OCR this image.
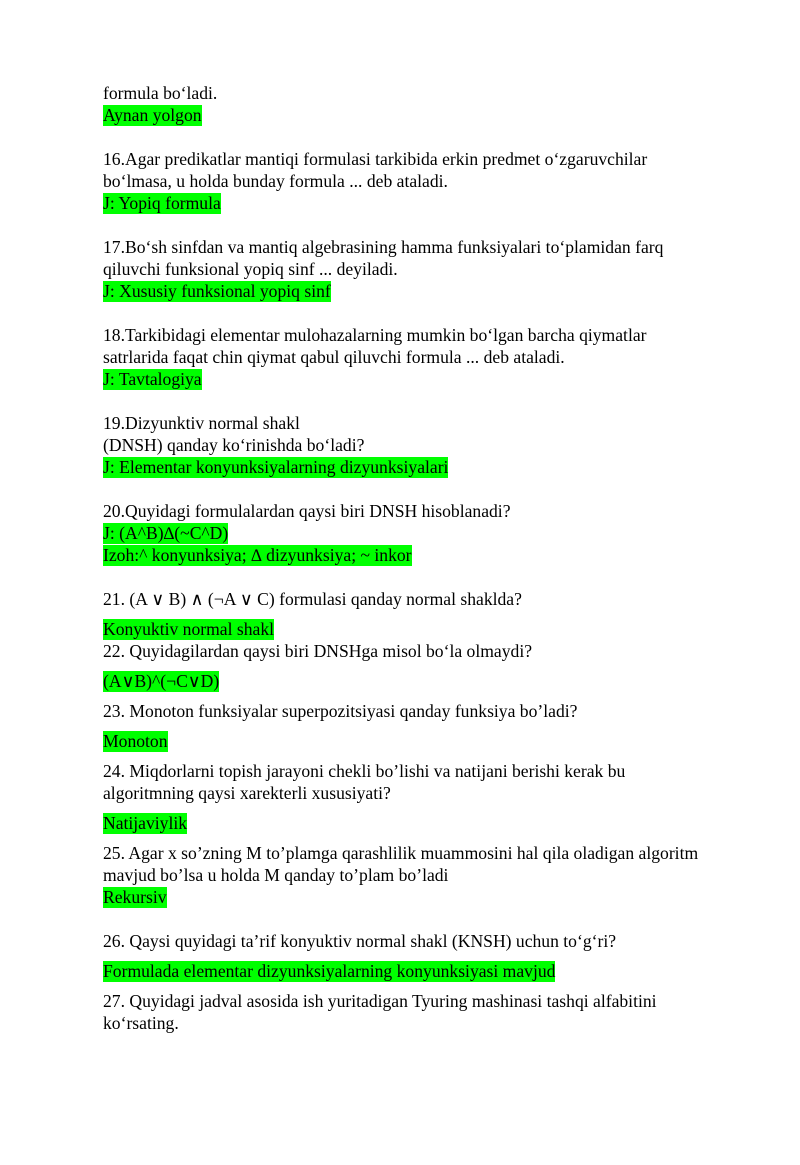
formula bo‘ladi.
Aynan yolgon
16.Agar predikatlar mantiqi formulasi tarkibida erkin predmet o‘zgaruvchilar
bo‘lmasa, u holda bunday formula ... deb ataladi.
J: Yopiq formula
17.Bo‘sh sinfdan va mantiq algebrasining hamma funksiyalari to‘plamidan farq
qiluvchi funksional yopiq sinf ... deyiladi.
J: Xususiy funksional yopiq sinf
18.Tarkibidagi elementar mulohazalarning mumkin bo‘lgan barcha qiymatlar
satrlarida faqat chin qiymat qabul qiluvchi formula ... deb ataladi.
J: Tavtalogiya
19.Dizyunktiv normal shakl
(DNSH) qanday ko‘rinishda bo‘ladi?
J: Elementar konyunksiyalarning dizyunksiyalari
20.Quyidagi formulalardan qaysi biri DNSH hisoblanadi?
J: (A^B)∆(~C^D)
Izoh:^ konyunksiya; ∆ dizyunksiya; ~ inkor
21. (A ∨ B) ∧ (¬A ∨ C) formulasi qanday normal shaklda?
Konyuktiv normal shakl
22. Quyidagilardan qaysi biri DNSHga misol bo‘la olmaydi?
(A∨B)^(¬C∨D)
23. Monoton funksiyalar superpozitsiyasi qanday funksiya bo’ladi?
Monoton
24. Miqdorlarni topish jarayoni chekli bo’lishi va natijani berishi kerak bu
algoritmning qaysi xarekterli xususiyati?
Natijaviylik
25. Agar x so’zning M to’plamga qarashlilik muammosini hal qila oladigan algoritm
mavjud bo’lsa u holda M qanday to’plam bo’ladi
Rekursiv
26. Qaysi quyidagi ta’rif konyuktiv normal shakl (KNSH) uchun to‘g‘ri?
Formulada elementar dizyunksiyalarning konyunksiyasi mavjud
27. Quyidagi jadval asosida ish yuritadigan Tyuring mashinasi tashqi alfabitini
ko‘rsating.
